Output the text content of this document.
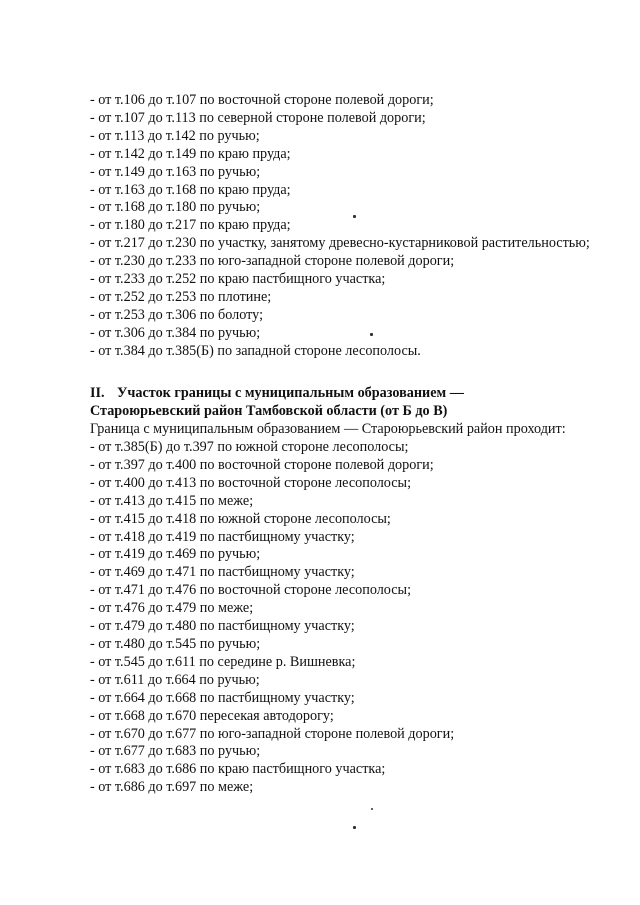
- от т.106 до т.107 по восточной стороне полевой дороги;
- от т.107 до т.113 по северной стороне полевой дороги;
- от т.113 до т.142 по ручью;
- от т.142 до т.149 по краю пруда;
- от т.149 до т.163 по ручью;
- от т.163 до т.168 по краю пруда;
- от т.168 до т.180 по ручью;
- от т.180 до т.217 по краю пруда;
- от т.217 до т.230 по участку, занятому древесно-кустарниковой растительностью;
- от т.230 до т.233 по юго-западной стороне полевой дороги;
- от т.233 до т.252 по краю пастбищного участка;
- от т.252 до т.253 по плотине;
- от т.253 до т.306 по болоту;
- от т.306 до т.384 по ручью;
- от т.384 до т.385(Б) по западной стороне лесополосы.
II. Участок границы с муниципальным образованием —
Староюрьевский район Тамбовской области (от Б до В)

Граница с муниципальным образованием — Староюрьевский район проходит:

- от т.385(Б) до т.397 по южной стороне лесополосы;
- от т.397 до т.400 по восточной стороне полевой дороги;
- от т.400 до т.413 по восточной стороне лесополосы;
- от т.413 до т.415 по меже;
- от т.415 до т.418 по южной стороне лесополосы;
- от т.418 до т.419 по пастбищному участку;
- от т.419 до т.469 по ручью;
- от т.469 до т.471 по пастбищному участку;
- от т.471 до т.476 по восточной стороне лесополосы;
- от т.476 до т.479 по меже;
- от т.479 до т.480 по пастбищному участку;
- от т.480 до т.545 по ручью;
- от т.545 до т.611 по середине р. Вишневка;
- от т.611 до т.664 по ручью;
- от т.664 до т.668 по пастбищному участку;
- от т.668 до т.670 пересекая автодорогу;
- от т.670 до т.677 по юго-западной стороне полевой дороги;
- от т.677 до т.683 по ручью;
- от т.683 до т.686 по краю пастбищного участка;
- от т.686 до т.697 по меже;
